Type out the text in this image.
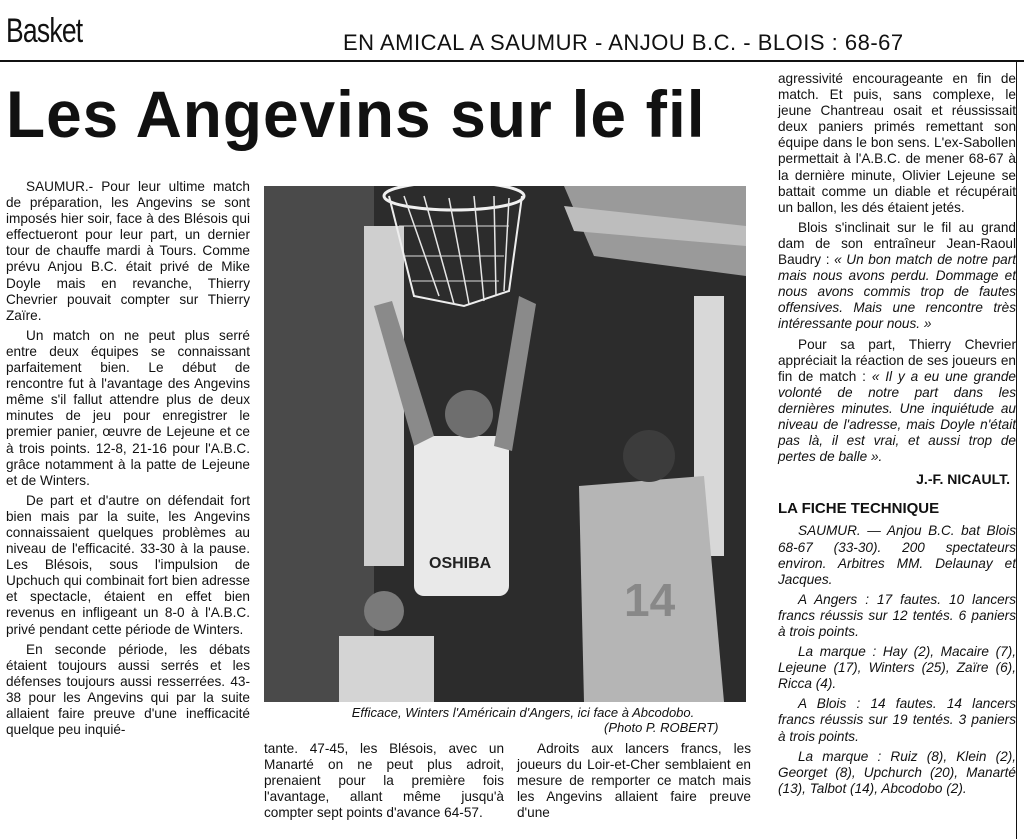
Basket	EN AMICAL A SAUMUR - ANJOU B.C. - BLOIS : 68-67
Les Angevins sur le fil

SAUMUR.- Pour leur ultime match de préparation, les Angevins se sont imposés hier soir, face à des Blésois qui effectueront pour leur part, un dernier tour de chauffe mardi à Tours. Comme prévu Anjou B.C. était privé de Mike Doyle mais en revanche, Thierry Chevrier pouvait compter sur Thierry Zaïre.

Un match on ne peut plus serré entre deux équipes se connaissant parfaitement bien. Le début de rencontre fut à l'avantage des Angevins même s'il fallut attendre plus de deux minutes de jeu pour enregistrer le premier panier, œuvre de Lejeune et ce à trois points. 12-8, 21-16 pour l'A.B.C. grâce notamment à la patte de Lejeune et de Winters.

De part et d'autre on défendait fort bien mais par la suite, les Angevins connaissaient quelques problèmes au niveau de l'efficacité. 33-30 à la pause. Les Blésois, sous l'impulsion de Upchuch qui combinait fort bien adresse et spectacle, étaient en effet bien revenus en infligeant un 8-0 à l'A.B.C. privé pendant cette période de Winters.

En seconde période, les débats étaient toujours aussi serrés et les défenses toujours aussi resserrées. 43-38 pour les Angevins qui par la suite allaient faire preuve d'une inefficacité quelque peu inquié-

OSHIBA
14
Efficace, Winters l'Américain d'Angers, ici face à Abcodobo.
(Photo P. ROBERT)

tante. 47-45, les Blésois, avec un Manarté on ne peut plus adroit, prenaient pour la première fois l'avantage, allant même jusqu'à compter sept points d'avance 64-57.

Adroits aux lancers francs, les joueurs du Loir-et-Cher semblaient en mesure de remporter ce match mais les Angevins allaient faire preuve d'une

agressivité encourageante en fin de match. Et puis, sans complexe, le jeune Chantreau osait et réussissait deux paniers primés remettant son équipe dans le bon sens. L'ex-Sabollen permettait à l'A.B.C. de mener 68-67 à la dernière minute, Olivier Lejeune se battait comme un diable et récupérait un ballon, les dés étaient jetés.

Blois s'inclinait sur le fil au grand dam de son entraîneur Jean-Raoul Baudry : « Un bon match de notre part mais nous avons perdu. Dommage et nous avons commis trop de fautes offensives. Mais une rencontre très intéressante pour nous. »

Pour sa part, Thierry Chevrier appréciait la réaction de ses joueurs en fin de match : « Il y a eu une grande volonté de notre part dans les dernières minutes. Une inquiétude au niveau de l'adresse, mais Doyle n'était pas là, il est vrai, et aussi trop de pertes de balle ».

J.-F. NICAULT.
LA FICHE TECHNIQUE

SAUMUR. — Anjou B.C. bat Blois 68-67 (33-30). 200 spectateurs environ. Arbitres MM. Delaunay et Jacques.

A Angers : 17 fautes. 10 lancers francs réussis sur 12 tentés. 6 paniers à trois points.

La marque : Hay (2), Macaire (7), Lejeune (17), Winters (25), Zaïre (6), Ricca (4).

A Blois : 14 fautes. 14 lancers francs réussis sur 19 tentés. 3 paniers à trois points.

La marque : Ruiz (8), Klein (2), Georget (8), Upchurch (20), Manarté (13), Talbot (14), Abcodobo (2).
